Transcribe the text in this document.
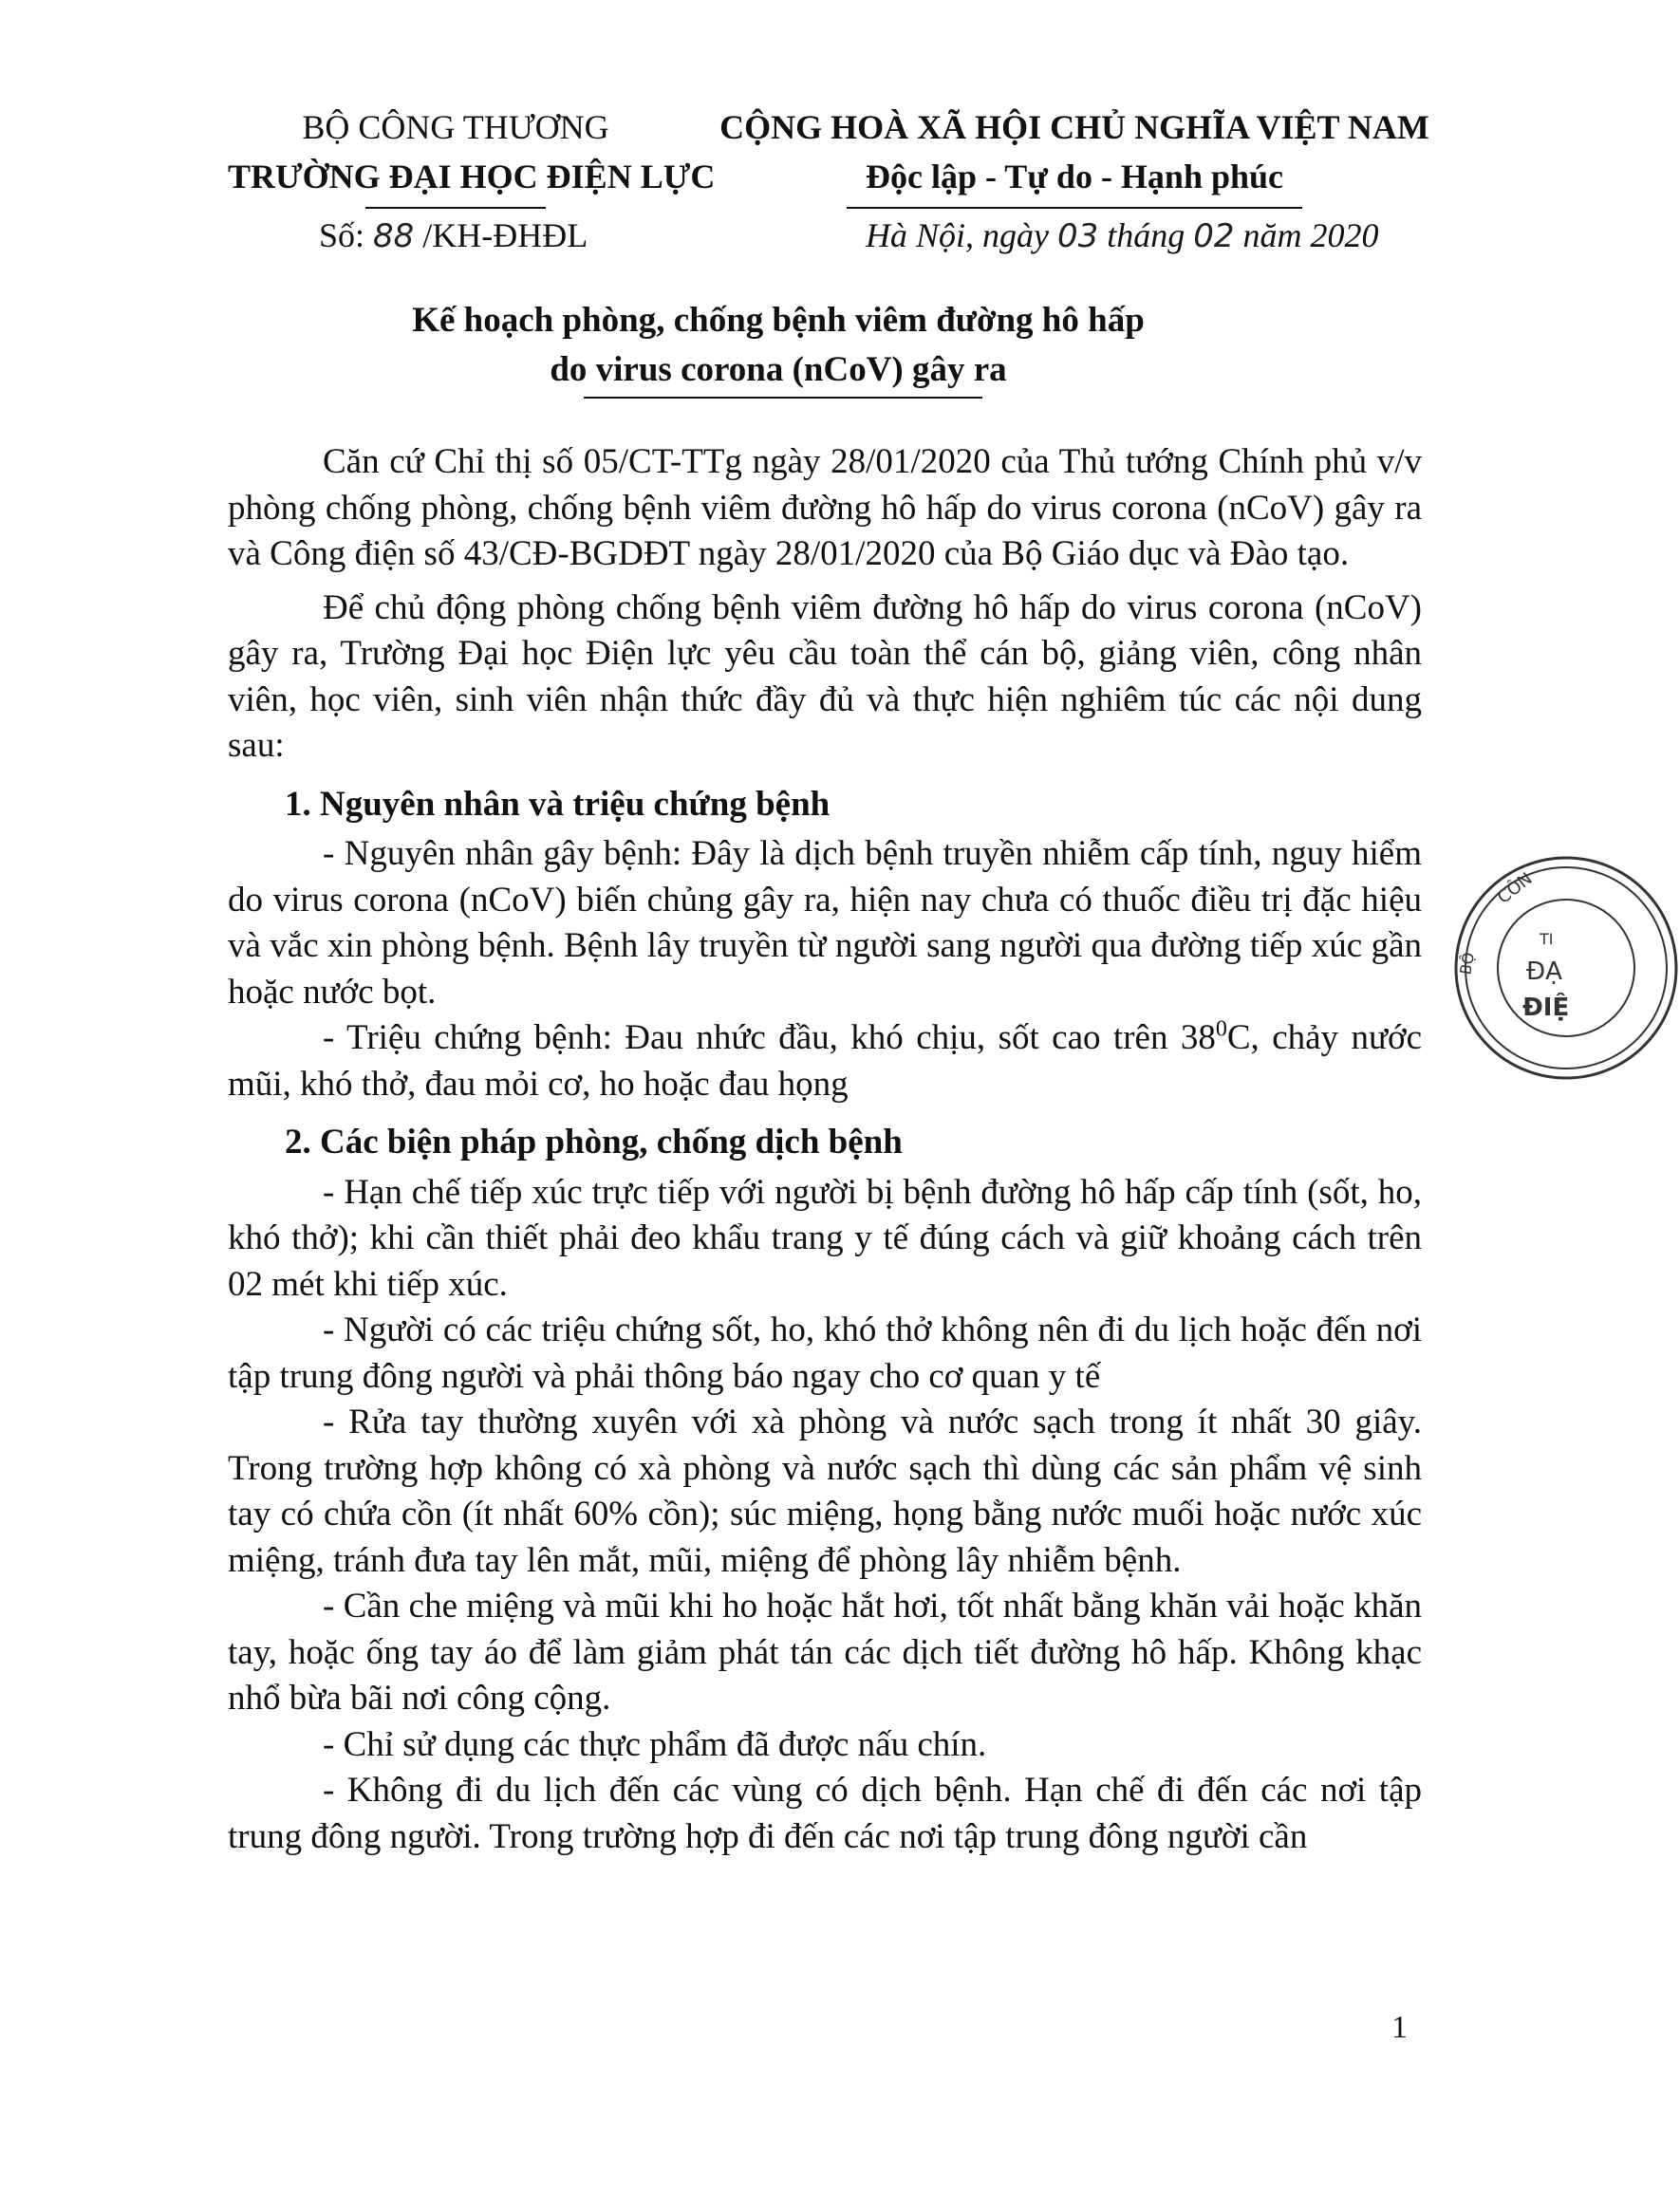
BỘ CÔNG THƯƠNG
TRƯỜNG ĐẠI HỌC ĐIỆN LỰC
CỘNG HOÀ XÃ HỘI CHỦ NGHĨA VIỆT NAM
Độc lập - Tự do - Hạnh phúc
Số: 88 /KH-ĐHĐL	Hà Nội, ngày 03 tháng 02 năm 2020
Kế hoạch phòng, chống bệnh viêm đường hô hấp
do virus corona (nCoV) gây ra

Căn cứ Chỉ thị số 05/CT-TTg ngày 28/01/2020 của Thủ tướng Chính phủ v/v phòng chống phòng, chống bệnh viêm đường hô hấp do virus corona (nCoV) gây ra và Công điện số 43/CĐ-BGDĐT ngày 28/01/2020 của Bộ Giáo dục và Đào tạo.

Để chủ động phòng chống bệnh viêm đường hô hấp do virus corona (nCoV) gây ra, Trường Đại học Điện lực yêu cầu toàn thể cán bộ, giảng viên, công nhân viên, học viên, sinh viên nhận thức đầy đủ và thực hiện nghiêm túc các nội dung sau:

1. Nguyên nhân và triệu chứng bệnh

- Nguyên nhân gây bệnh: Đây là dịch bệnh truyền nhiễm cấp tính, nguy hiểm do virus corona (nCoV) biến chủng gây ra, hiện nay chưa có thuốc điều trị đặc hiệu và vắc xin phòng bệnh. Bệnh lây truyền từ người sang người qua đường tiếp xúc gần hoặc nước bọt.

- Triệu chứng bệnh: Đau nhức đầu, khó chịu, sốt cao trên $38^0C$, chảy nước mũi, khó thở, đau mỏi cơ, ho hoặc đau họng

2. Các biện pháp phòng, chống dịch bệnh

- Hạn chế tiếp xúc trực tiếp với người bị bệnh đường hô hấp cấp tính (sốt, ho, khó thở); khi cần thiết phải đeo khẩu trang y tế đúng cách và giữ khoảng cách trên 02 mét khi tiếp xúc.

- Người có các triệu chứng sốt, ho, khó thở không nên đi du lịch hoặc đến nơi tập trung đông người và phải thông báo ngay cho cơ quan y tế

- Rửa tay thường xuyên với xà phòng và nước sạch trong ít nhất 30 giây. Trong trường hợp không có xà phòng và nước sạch thì dùng các sản phẩm vệ sinh tay có chứa cồn (ít nhất 60% cồn); súc miệng, họng bằng nước muối hoặc nước xúc miệng, tránh đưa tay lên mắt, mũi, miệng để phòng lây nhiễm bệnh.

- Cần che miệng và mũi khi ho hoặc hắt hơi, tốt nhất bằng khăn vải hoặc khăn tay, hoặc ống tay áo để làm giảm phát tán các dịch tiết đường hô hấp. Không khạc nhổ bừa bãi nơi công cộng.

- Chỉ sử dụng các thực phẩm đã được nấu chín.

- Không đi du lịch đến các vùng có dịch bệnh. Hạn chế đi đến các nơi tập trung đông người. Trong trường hợp đi đến các nơi tập trung đông người cần

1
CÔN
BỘ
TI
ĐẠ
ĐIỆ
